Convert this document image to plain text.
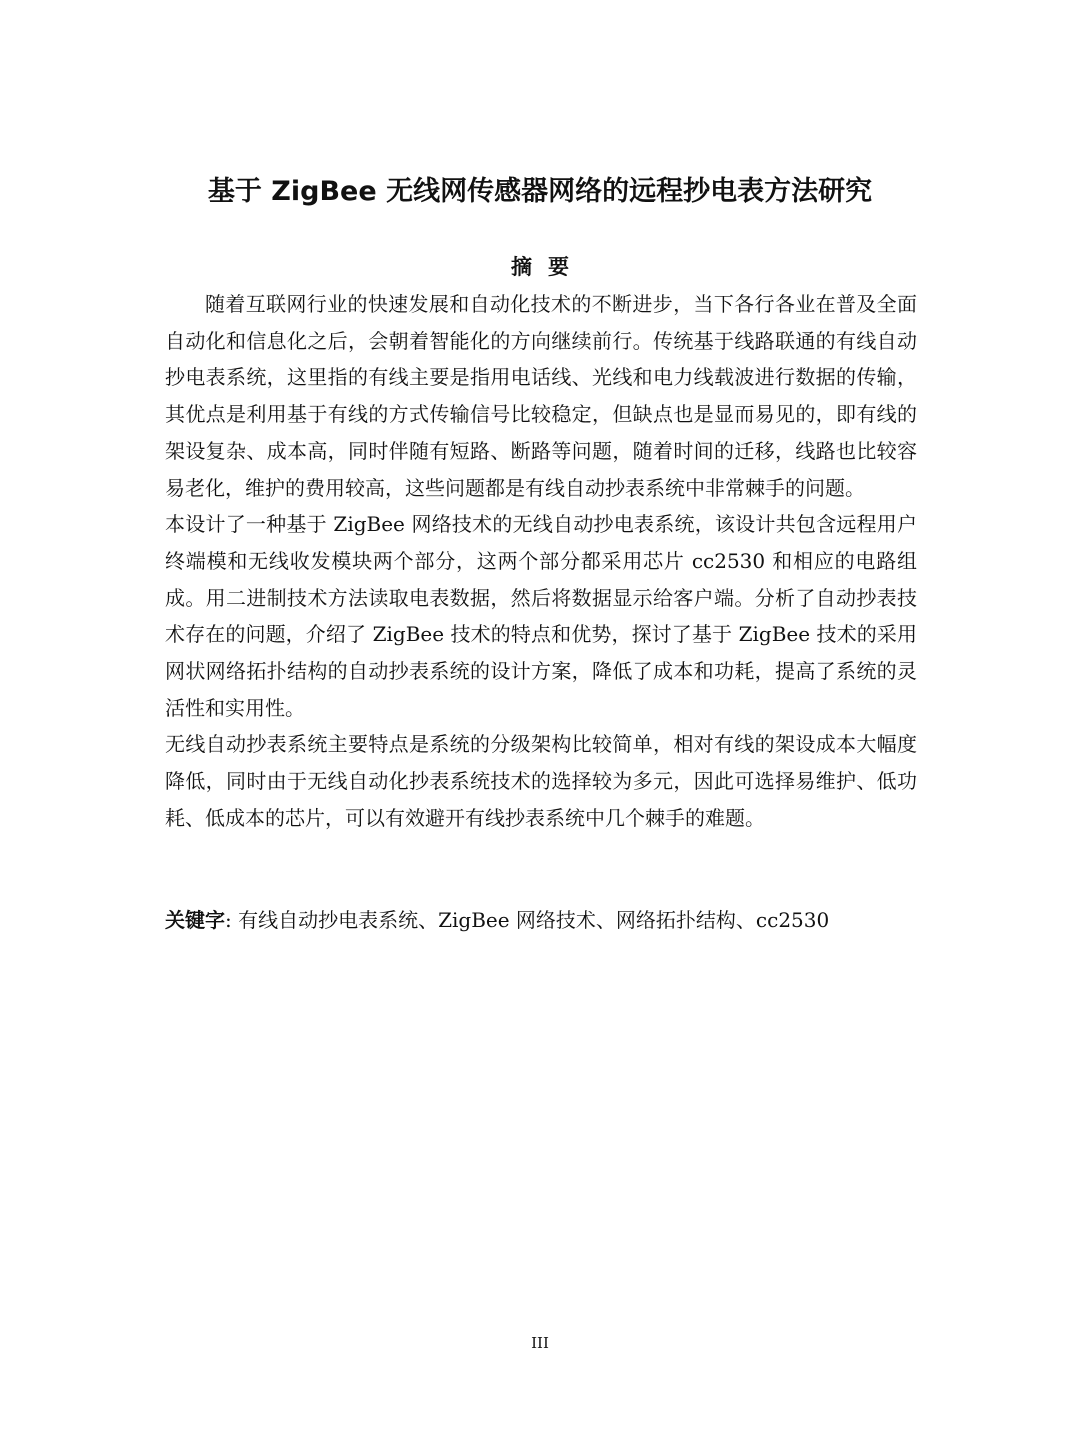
基于 ZigBee 无线网传感器网络的远程抄电表方法研究
摘要

随着互联网行业的快速发展和自动化技术的不断进步，当下各行各业在普及全面自动化和信息化之后，会朝着智能化的方向继续前行。传统基于线路联通的有线自动抄电表系统，这里指的有线主要是指用电话线、光线和电力线载波进行数据的传输，其优点是利用基于有线的方式传输信号比较稳定，但缺点也是显而易见的，即有线的架设复杂、成本高，同时伴随有短路、断路等问题，随着时间的迁移，线路也比较容易老化，维护的费用较高，这些问题都是有线自动抄表系统中非常棘手的问题。

本设计了一种基于 ZigBee 网络技术的无线自动抄电表系统，该设计共包含远程用户终端模和无线收发模块两个部分，这两个部分都采用芯片 cc2530 和相应的电路组成。用二进制技术方法读取电表数据，然后将数据显示给客户端。分析了自动抄表技术存在的问题，介绍了 ZigBee 技术的特点和优势，探讨了基于 ZigBee 技术的采用网状网络拓扑结构的自动抄表系统的设计方案，降低了成本和功耗，提高了系统的灵活性和实用性。

无线自动抄表系统主要特点是系统的分级架构比较简单，相对有线的架设成本大幅度降低，同时由于无线自动化抄表系统技术的选择较为多元，因此可选择易维护、低功耗、低成本的芯片，可以有效避开有线抄表系统中几个棘手的难题。

关键字: 有线自动抄电表系统、ZigBee 网络技术、网络拓扑结构、cc2530
III
